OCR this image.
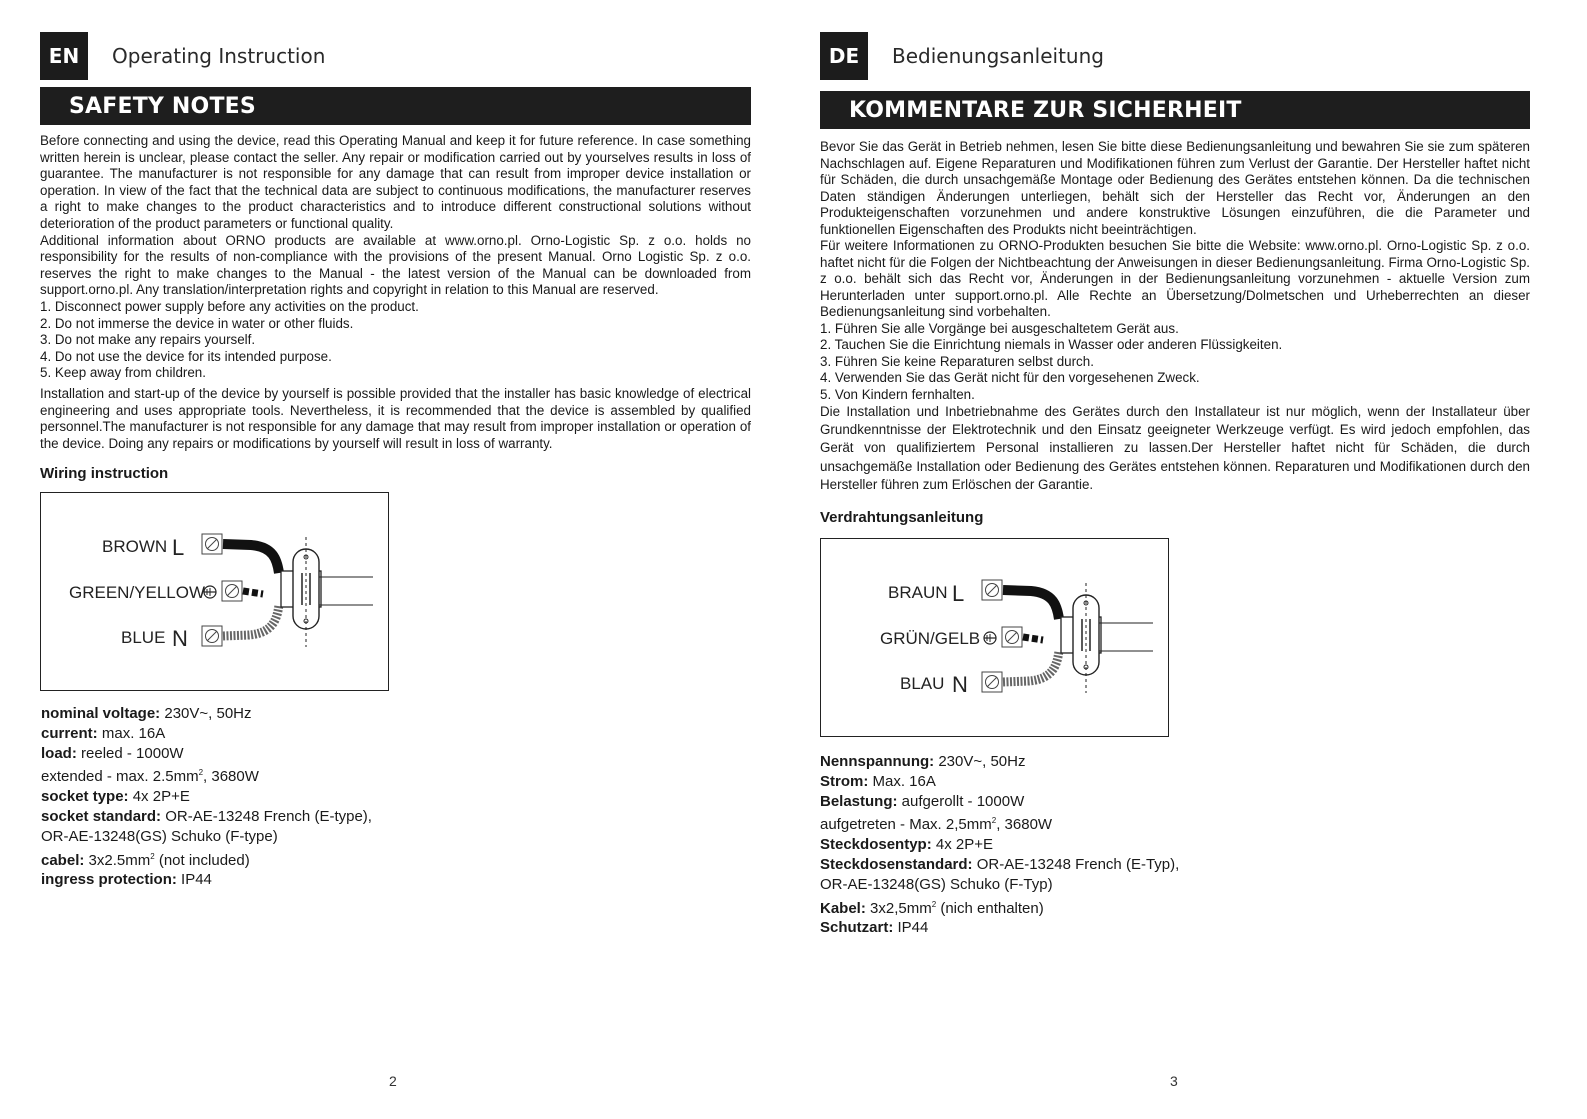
EN	Operating Instruction
SAFETY NOTES

Before connecting and using the device, read this Operating Manual and keep it for future reference. In case something written herein is unclear, please contact the seller. Any repair or modification carried out by yourselves results in loss of guarantee. The manufacturer is not responsible for any damage that can result from improper device installation or operation. In view of the fact that the technical data are subject to continuous modifications, the manufacturer reserves a right to make changes to the product characteristics and to introduce different constructional solutions without deterioration of the product parameters or functional quality.

Additional information about ORNO products are available at www.orno.pl. Orno-Logistic Sp. z o.o. holds no responsibility for the results of non-compliance with the provisions of the present Manual. Orno Logistic Sp. z o.o. reserves the right to make changes to the Manual - the latest version of the Manual can be downloaded from support.orno.pl. Any translation/interpretation rights and copyright in relation to this Manual are reserved.

1. Disconnect power supply before any activities on the product.
2. Do not immerse the device in water or other fluids.
3. Do not make any repairs yourself.
4. Do not use the device for its intended purpose.
5. Keep away from children.

Installation and start-up of the device by yourself is possible provided that the installer has basic knowledge of electrical engineering and uses appropriate tools. Nevertheless, it is recommended that the device is assembled by qualified personnel.The manufacturer is not responsible for any damage that may result from improper installation or operation of the device. Doing any repairs or modifications by yourself will result in loss of warranty.

Wiring instruction
BROWN L
GREEN/YELLOW
BLUE N
nominal voltage: 230V~, 50Hz
current: max. 16A
load: reeled - 1000W
extended - max. $2.5mm^2$, 3680W
socket type: 4x 2P+E
socket standard: OR-AE-13248 French (E-type),
OR-AE-13248(GS) Schuko (F-type)
cabel: $3x2.5mm^2$ (not included)
ingress protection: IP44
2
DE	Bedienungsanleitung
KOMMENTARE ZUR SICHERHEIT

Bevor Sie das Gerät in Betrieb nehmen, lesen Sie bitte diese Bedienungsanleitung und bewahren Sie sie zum späteren Nachschlagen auf. Eigene Reparaturen und Modifikationen führen zum Verlust der Garantie. Der Hersteller haftet nicht für Schäden, die durch unsachgemäße Montage oder Bedienung des Gerätes entstehen können. Da die technischen Daten ständigen Änderungen unterliegen, behält sich der Hersteller das Recht vor, Änderungen an den Produkteigenschaften vorzunehmen und andere konstruktive Lösungen einzuführen, die die Parameter und funktionellen Eigenschaften des Produkts nicht beeinträchtigen.

Für weitere Informationen zu ORNO-Produkten besuchen Sie bitte die Website: www.orno.pl. Orno-Logistic Sp. z o.o. haftet nicht für die Folgen der Nichtbeachtung der Anweisungen in dieser Bedienungsanleitung. Firma Orno-Logistic Sp. z o.o. behält sich das Recht vor, Änderungen in der Bedienungsanleitung vorzunehmen - aktuelle Version zum Herunterladen unter support.orno.pl. Alle Rechte an Übersetzung/Dolmetschen und Urheberrechten an dieser Bedienungsanleitung sind vorbehalten.

1. Führen Sie alle Vorgänge bei ausgeschaltetem Gerät aus.
2. Tauchen Sie die Einrichtung niemals in Wasser oder anderen Flüssigkeiten.
3. Führen Sie keine Reparaturen selbst durch.
4. Verwenden Sie das Gerät nicht für den vorgesehenen Zweck.
5. Von Kindern fernhalten.

Die Installation und Inbetriebnahme des Gerätes durch den Installateur ist nur möglich, wenn der Installateur über Grundkenntnisse der Elektrotechnik und den Einsatz geeigneter Werkzeuge verfügt. Es wird jedoch empfohlen, das Gerät von qualifiziertem Personal installieren zu lassen.Der Hersteller haftet nicht für Schäden, die durch unsachgemäße Installation oder Bedienung des Gerätes entstehen können. Reparaturen und Modifikationen durch den Hersteller führen zum Erlöschen der Garantie.

Verdrahtungsanleitung
BRAUN L
GRÜN/GELB
BLAU N
Nennspannung: 230V~, 50Hz
Strom: Max. 16A
Belastung: aufgerollt - 1000W
aufgetreten - Max. $2,5mm^2$, 3680W
Steckdosentyp: 4x 2P+E
Steckdosenstandard: OR-AE-13248 French (E-Typ),
OR-AE-13248(GS) Schuko (F-Typ)
Kabel: $3x2,5mm^2$ (nich enthalten)
Schutzart: IP44
3
